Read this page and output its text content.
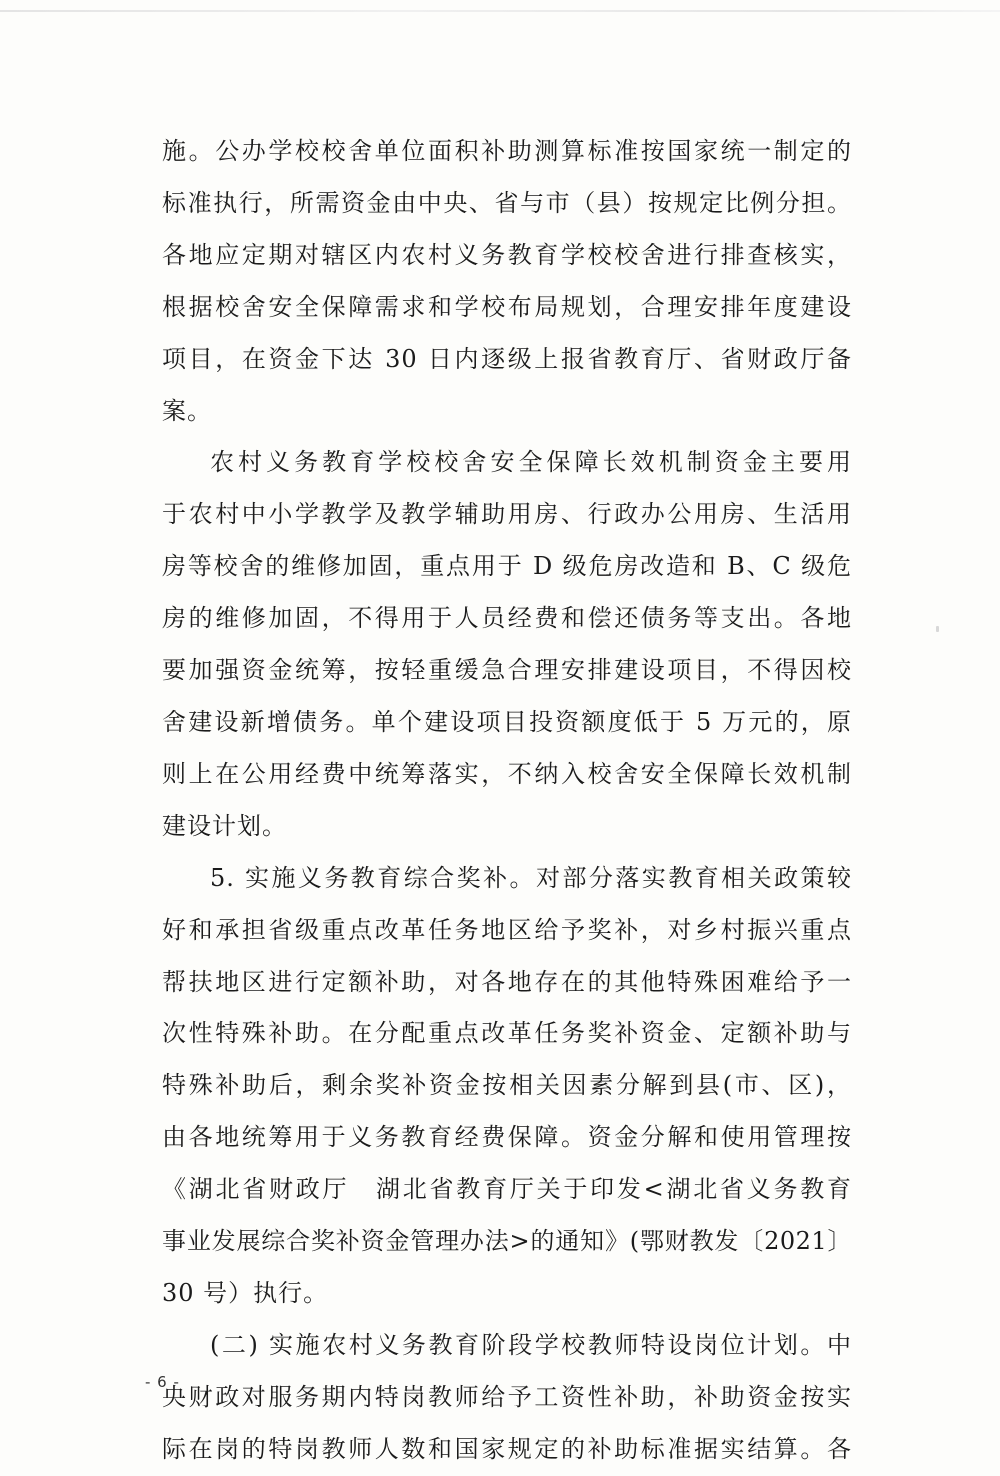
施。公办学校校舍单位面积补助测算标准按国家统一制定的
标准执行，所需资金由中央、省与市（县）按规定比例分担。
各地应定期对辖区内农村义务教育学校校舍进行排查核实，
根据校舍安全保障需求和学校布局规划，合理安排年度建设
项目，在资金下达 30 日内逐级上报省教育厅、省财政厅备
案。

农村义务教育学校校舍安全保障长效机制资金主要用
于农村中小学教学及教学辅助用房、行政办公用房、生活用
房等校舍的维修加固，重点用于 D 级危房改造和 B、C 级危
房的维修加固，不得用于人员经费和偿还债务等支出。各地
要加强资金统筹，按轻重缓急合理安排建设项目，不得因校
舍建设新增债务。单个建设项目投资额度低于 5 万元的，原
则上在公用经费中统筹落实，不纳入校舍安全保障长效机制
建设计划。

5. 实施义务教育综合奖补。对部分落实教育相关政策较
好和承担省级重点改革任务地区给予奖补，对乡村振兴重点
帮扶地区进行定额补助，对各地存在的其他特殊困难给予一
次性特殊补助。在分配重点改革任务奖补资金、定额补助与
特殊补助后，剩余奖补资金按相关因素分解到县(市、区)，
由各地统筹用于义务教育经费保障。资金分解和使用管理按
《湖北省财政厅　湖北省教育厅关于印发<湖北省义务教育
事业发展综合奖补资金管理办法>的通知》(鄂财教发〔2021〕
30 号）执行。

(二) 实施农村义务教育阶段学校教师特设岗位计划。中
央财政对服务期内特岗教师给予工资性补助，补助资金按实
际在岗的特岗教师人数和国家规定的补助标准据实结算。各

- 6 -
